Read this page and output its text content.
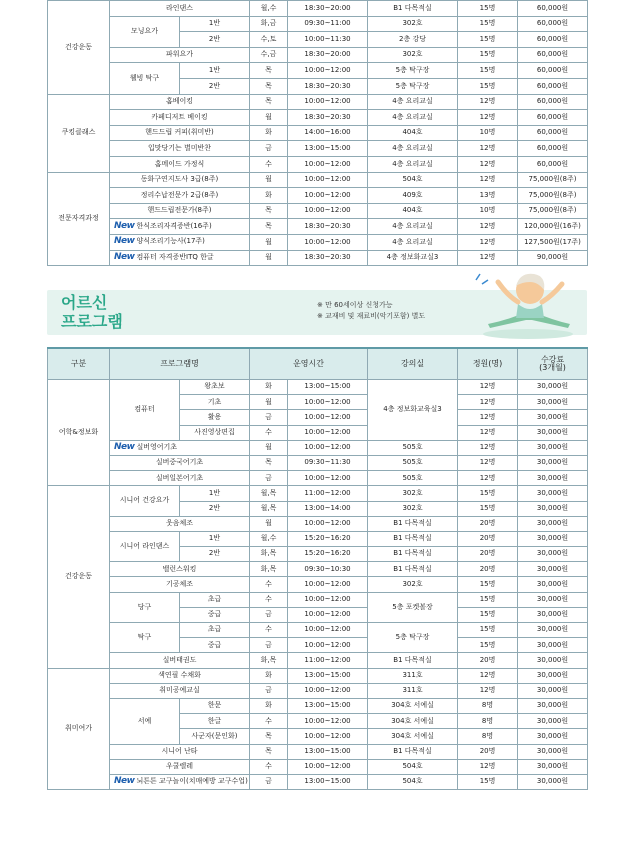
건강운동	라인댄스		월,수	18:30~20:00	B1 다목적실	15명	60,000원
	모닝요가	1반	화,금	09:30~11:00	302호	15명	60,000원
		2반	수,토	10:00~11:30	2층 강당	15명	60,000원
	파워요가		수,금	18:30~20:00	302호	15명	60,000원
	웰빙 탁구	1반	목	10:00~12:00	5층 탁구장	15명	60,000원
		2반	목	18:30~20:30	5층 탁구장	15명	60,000원
쿠킹클래스	홈베이킹		목	10:00~12:00	4층 요리교실	12명	60,000원
	카페디저트 베이킹		월	18:30~20:30	4층 요리교실	12명	60,000원
	핸드드립 커피(취미반)		화	14:00~16:00	404호	10명	60,000원
	입맛당기는 별미반찬		금	13:00~15:00	4층 요리교실	12명	60,000원
	홈메이드 가정식		수	10:00~12:00	4층 요리교실	12명	60,000원
전문자격과정	동화구연지도사 3급(8주)		월	10:00~12:00	504호	12명	75,000원(8주)
	정리수납전문가 2급(8주)		화	10:00~12:00	409호	13명	75,000원(8주)
	핸드드립전문가(8주)		목	10:00~12:00	404호	10명	75,000원(8주)
	New 한식조리자격증반(16주)		목	18:30~20:30	4층 요리교실	12명	120,000원(16주)
	New 양식조리기능사(17주)		월	10:00~12:00	4층 요리교실	12명	127,500원(17주)
	New 컴퓨터 자격증반ITQ 한글		월	18:30~20:30	4층 정보화교실3	12명	90,000원
어르신
프로그램
※ 만 60세이상 신청가능
※ 교재비 및 재료비(악기포함) 별도
구분	프로그램명		운영시간		강의실	정원(명)	수강료
(3개월)

어학&정보화	컴퓨터	왕초보	화	13:00~15:00	4층 정보화교육실3	12명	30,000원
		기초	월	10:00~12:00		12명	30,000원
		활용	금	10:00~12:00		12명	30,000원
		사진영상편집	수	10:00~12:00		12명	30,000원
	New 실버영어기초		월	10:00~12:00	505호	12명	30,000원
	실버중국어기초		목	09:30~11:30	505호	12명	30,000원
	실버일본어기초		금	10:00~12:00	505호	12명	30,000원
건강운동	시니어 건강요가	1반	월,목	11:00~12:00	302호	15명	30,000원
		2반	월,목	13:00~14:00	302호	15명	30,000원
	웃음체조		월	10:00~12:00	B1 다목적실	20명	30,000원
	시니어 라인댄스	1반	월,수	15:20~16:20	B1 다목적실	20명	30,000원
		2반	화,목	15:20~16:20	B1 다목적실	20명	30,000원
	밸런스워킹		화,목	09:30~10:30	B1 다목적실	20명	30,000원
	기공체조		수	10:00~12:00	302호	15명	30,000원
	당구	초급	수	10:00~12:00	5층 포켓볼장	15명	30,000원
		중급	금	10:00~12:00		15명	30,000원
	탁구	초급	수	10:00~12:00	5층 탁구장	15명	30,000원
		중급	금	10:00~12:00		15명	30,000원
	실버태권도		화,목	11:00~12:00	B1 다목적실	20명	30,000원
취미여가	색연필 수채화		화	13:00~15:00	311호	12명	30,000원
	취미공예교실		금	10:00~12:00	311호	12명	30,000원
	서예	한문	화	13:00~15:00	304호 서예실	8명	30,000원
		한글	수	10:00~12:00	304호 서예실	8명	30,000원
		사군자(문인화)	목	10:00~12:00	304호 서예실	8명	30,000원
	시니어 난타		목	13:00~15:00	B1 다목적실	20명	30,000원
	우쿨렐레		수	10:00~12:00	504호	12명	30,000원
	New 뇌튼튼 교구놀이(치매예방 교구수업)		금	13:00~15:00	504호	15명	30,000원
